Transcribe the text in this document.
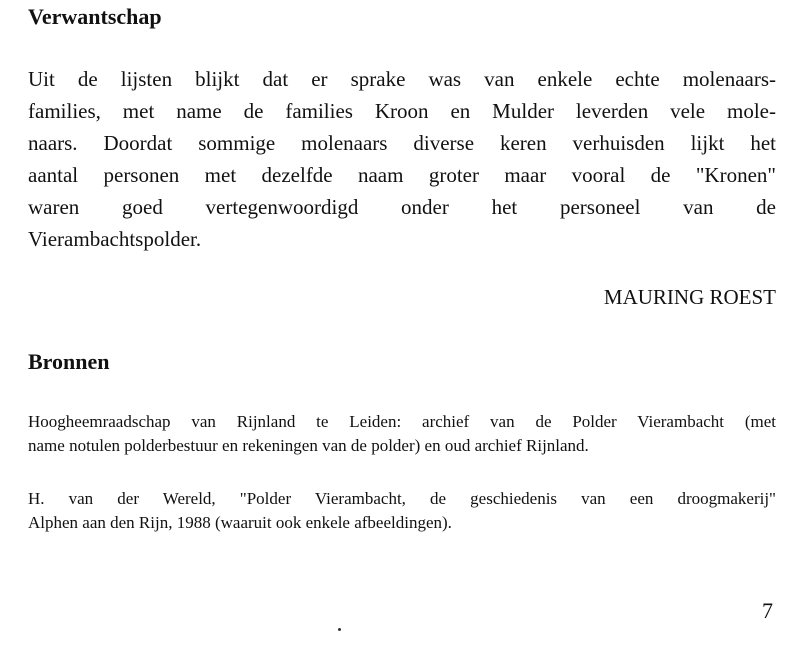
Verwantschap

Uit de lijsten blijkt dat er sprake was van enkele echte molenaars-
families, met name de families Kroon en Mulder leverden vele mole-
naars. Doordat sommige molenaars diverse keren verhuisden lijkt het
aantal personen met dezelfde naam groter maar vooral de "Kronen"
waren goed vertegenwoordigd onder het personeel van de
Vierambachtspolder.

MAURING ROEST

Bronnen

Hoogheemraadschap van Rijnland te Leiden: archief van de Polder Vierambacht (met
name notulen polderbestuur en rekeningen van de polder) en oud archief Rijnland.

H. van der Wereld, "Polder Vierambacht, de geschiedenis van een droogmakerij"
Alphen aan den Rijn, 1988 (waaruit ook enkele afbeeldingen).

7
